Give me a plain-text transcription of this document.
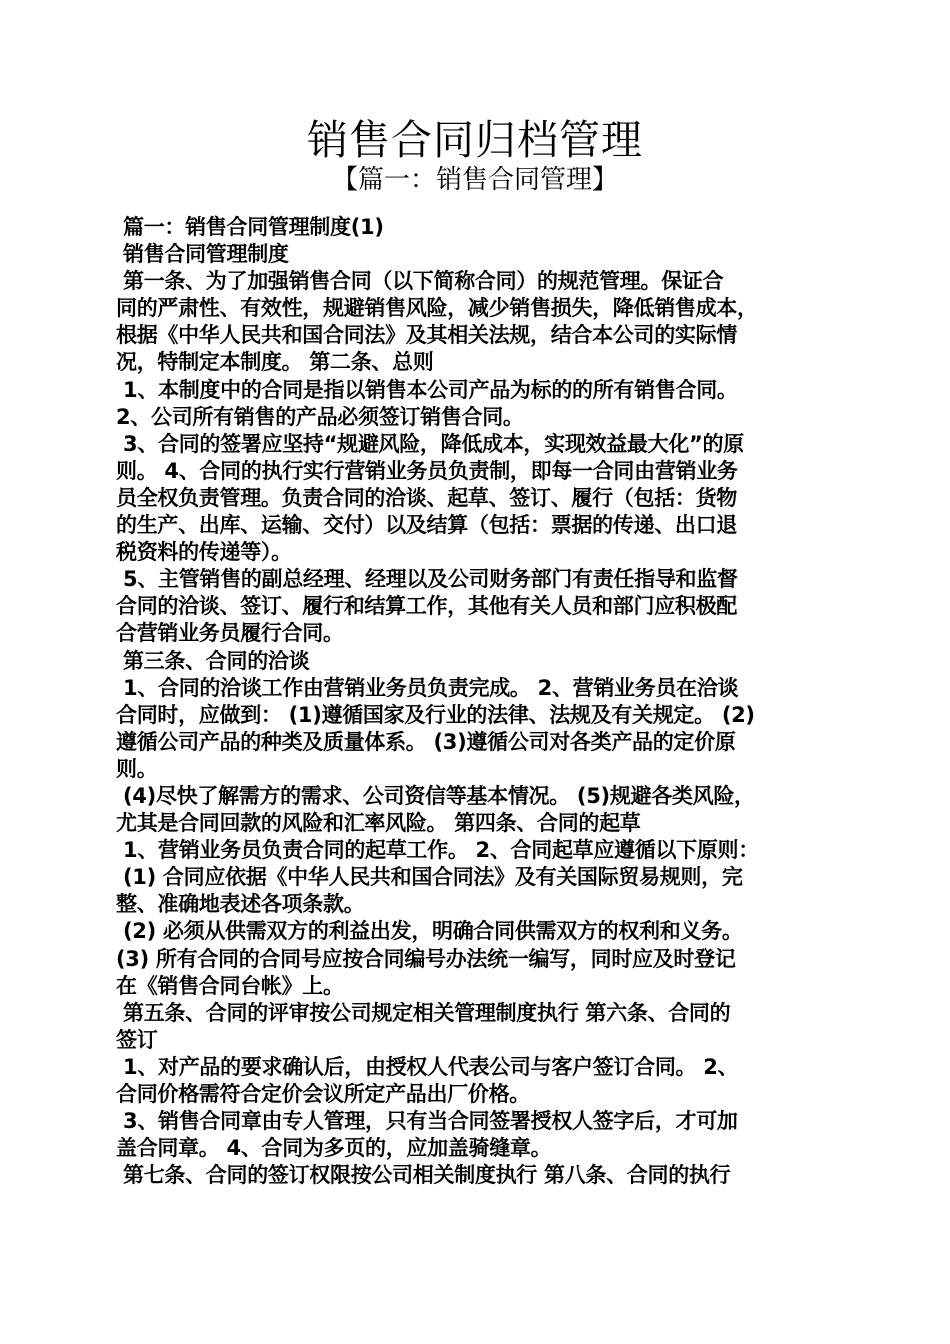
销售合同归档管理
【篇一：销售合同管理】
篇一：销售合同管理制度(1)
销售合同管理制度
第一条、为了加强销售合同（以下简称合同）的规范管理。保证合
同的严肃性、有效性，规避销售风险，减少销售损失，降低销售成本，
根据《中华人民共和国合同法》及其相关法规，结合本公司的实际情
况，特制定本制度。 第二条、总则
1、本制度中的合同是指以销售本公司产品为标的的所有销售合同。
2、公司所有销售的产品必须签订销售合同。
3、合同的签署应坚持“规避风险，降低成本，实现效益最大化”的原
则。 4、合同的执行实行营销业务员负责制，即每一合同由营销业务
员全权负责管理。负责合同的洽谈、起草、签订、履行（包括：货物
的生产、出库、运输、交付）以及结算（包括：票据的传递、出口退
税资料的传递等）。
5、主管销售的副总经理、经理以及公司财务部门有责任指导和监督
合同的洽谈、签订、履行和结算工作，其他有关人员和部门应积极配
合营销业务员履行合同。
第三条、合同的洽谈
1、合同的洽谈工作由营销业务员负责完成。 2、营销业务员在洽谈
合同时，应做到： (1)遵循国家及行业的法律、法规及有关规定。 (2)
遵循公司产品的种类及质量体系。 (3)遵循公司对各类产品的定价原
则。
(4)尽快了解需方的需求、公司资信等基本情况。 (5)规避各类风险，
尤其是合同回款的风险和汇率风险。 第四条、合同的起草
1、营销业务员负责合同的起草工作。 2、合同起草应遵循以下原则：
(1) 合同应依据《中华人民共和国合同法》及有关国际贸易规则，完
整、准确地表述各项条款。
(2) 必须从供需双方的利益出发，明确合同供需双方的权利和义务。
(3) 所有合同的合同号应按合同编号办法统一编写，同时应及时登记
在《销售合同台帐》上。
第五条、合同的评审按公司规定相关管理制度执行 第六条、合同的
签订
1、对产品的要求确认后，由授权人代表公司与客户签订合同。 2、
合同价格需符合定价会议所定产品出厂价格。
3、销售合同章由专人管理，只有当合同签署授权人签字后，才可加
盖合同章。 4、合同为多页的，应加盖骑缝章。
第七条、合同的签订权限按公司相关制度执行 第八条、合同的执行
